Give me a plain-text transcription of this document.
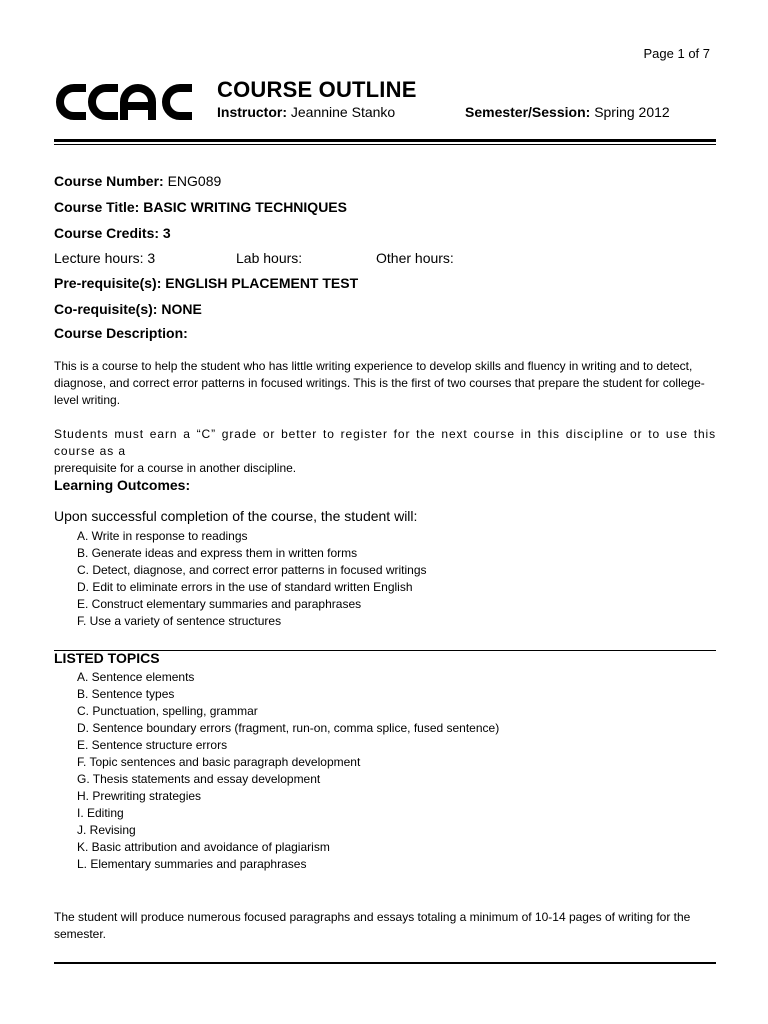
Page 1 of 7
COURSE OUTLINE
Instructor: Jeannine Stanko	Semester/Session: Spring 2012
Course Number: ENG089
Course Title: BASIC WRITING TECHNIQUES
Course Credits: 3
Lecture hours: 3	Lab hours:	Other hours:
Pre-requisite(s): ENGLISH PLACEMENT TEST
Co-requisite(s): NONE
Course Description:
This is a course to help the student who has little writing experience to develop skills and fluency in writing and to detect, diagnose, and correct error patterns in focused writings. This is the first of two courses that prepare the student for college-level writing.
Students must earn a “C” grade or better to register for the next course in this discipline or to use this course as a
prerequisite for a course in another discipline.
Learning Outcomes:
Upon successful completion of the course, the student will:
A. Write in response to readings
B. Generate ideas and express them in written forms
C. Detect, diagnose, and correct error patterns in focused writings
D. Edit to eliminate errors in the use of standard written English
E. Construct elementary summaries and paraphrases
F. Use a variety of sentence structures
LISTED TOPICS
A. Sentence elements
B. Sentence types
C. Punctuation, spelling, grammar
D. Sentence boundary errors (fragment, run-on, comma splice, fused sentence)
E. Sentence structure errors
F. Topic sentences and basic paragraph development
G. Thesis statements and essay development
H. Prewriting strategies
I. Editing
J. Revising
K. Basic attribution and avoidance of plagiarism
L. Elementary summaries and paraphrases
The student will produce numerous focused paragraphs and essays totaling a minimum of 10-14 pages of writing for the semester.
